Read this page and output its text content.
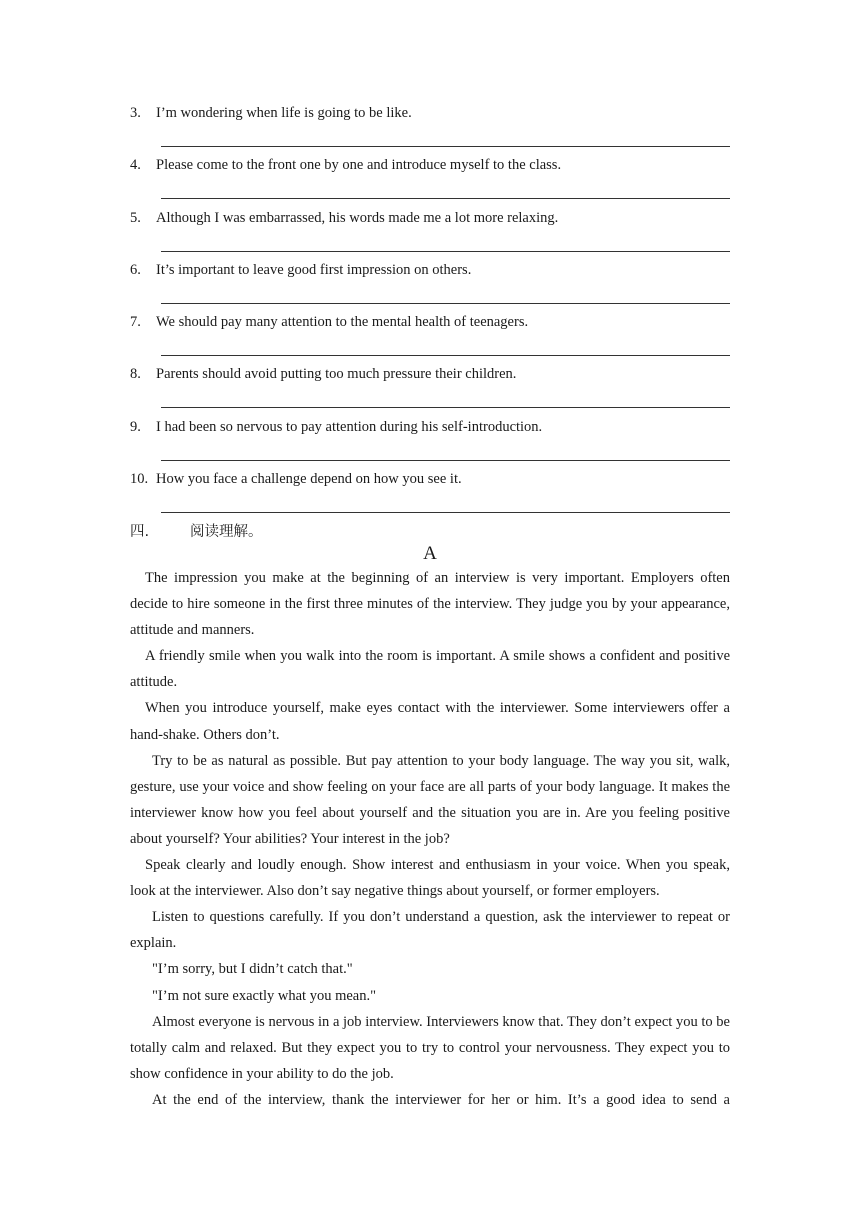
3. I’m wondering when life is going to be like.
4. Please come to the front one by one and introduce myself to the class.
5. Although I was embarrassed, his words made me a lot more relaxing.
6. It’s important to leave good first impression on others.
7. We should pay many attention to the mental health of teenagers.
8. Parents should avoid putting too much pressure their children.
9. I had been so nervous to pay attention during his self-introduction.
10. How you face a challenge depend on how you see it.
四.	阅读理解。
A

The impression you make at the beginning of an interview is very important. Employers often decide to hire someone in the first three minutes of the interview. They judge you by your appearance, attitude and manners.

A friendly smile when you walk into the room is important. A smile shows a confident and positive attitude.

When you introduce yourself, make eyes contact with the interviewer. Some interviewers offer a hand-shake. Others don’t.

Try to be as natural as possible. But pay attention to your body language. The way you sit, walk, gesture, use your voice and show feeling on your face are all parts of your body language. It makes the interviewer know how you feel about yourself and the situation you are in. Are you feeling positive about yourself? Your abilities? Your interest in the job?

Speak clearly and loudly enough. Show interest and enthusiasm in your voice. When you speak, look at the interviewer. Also don’t say negative things about yourself, or former employers.

Listen to questions carefully. If you don’t understand a question, ask the interviewer to repeat or explain.

"I’m sorry, but I didn’t catch that."

"I’m not sure exactly what you mean."

Almost everyone is nervous in a job interview. Interviewers know that. They don’t expect you to be totally calm and relaxed. But they expect you to try to control your nervousness. They expect you to show confidence in your ability to do the job.

At the end of the interview, thank the interviewer for her or him. It’s a good idea to send a
